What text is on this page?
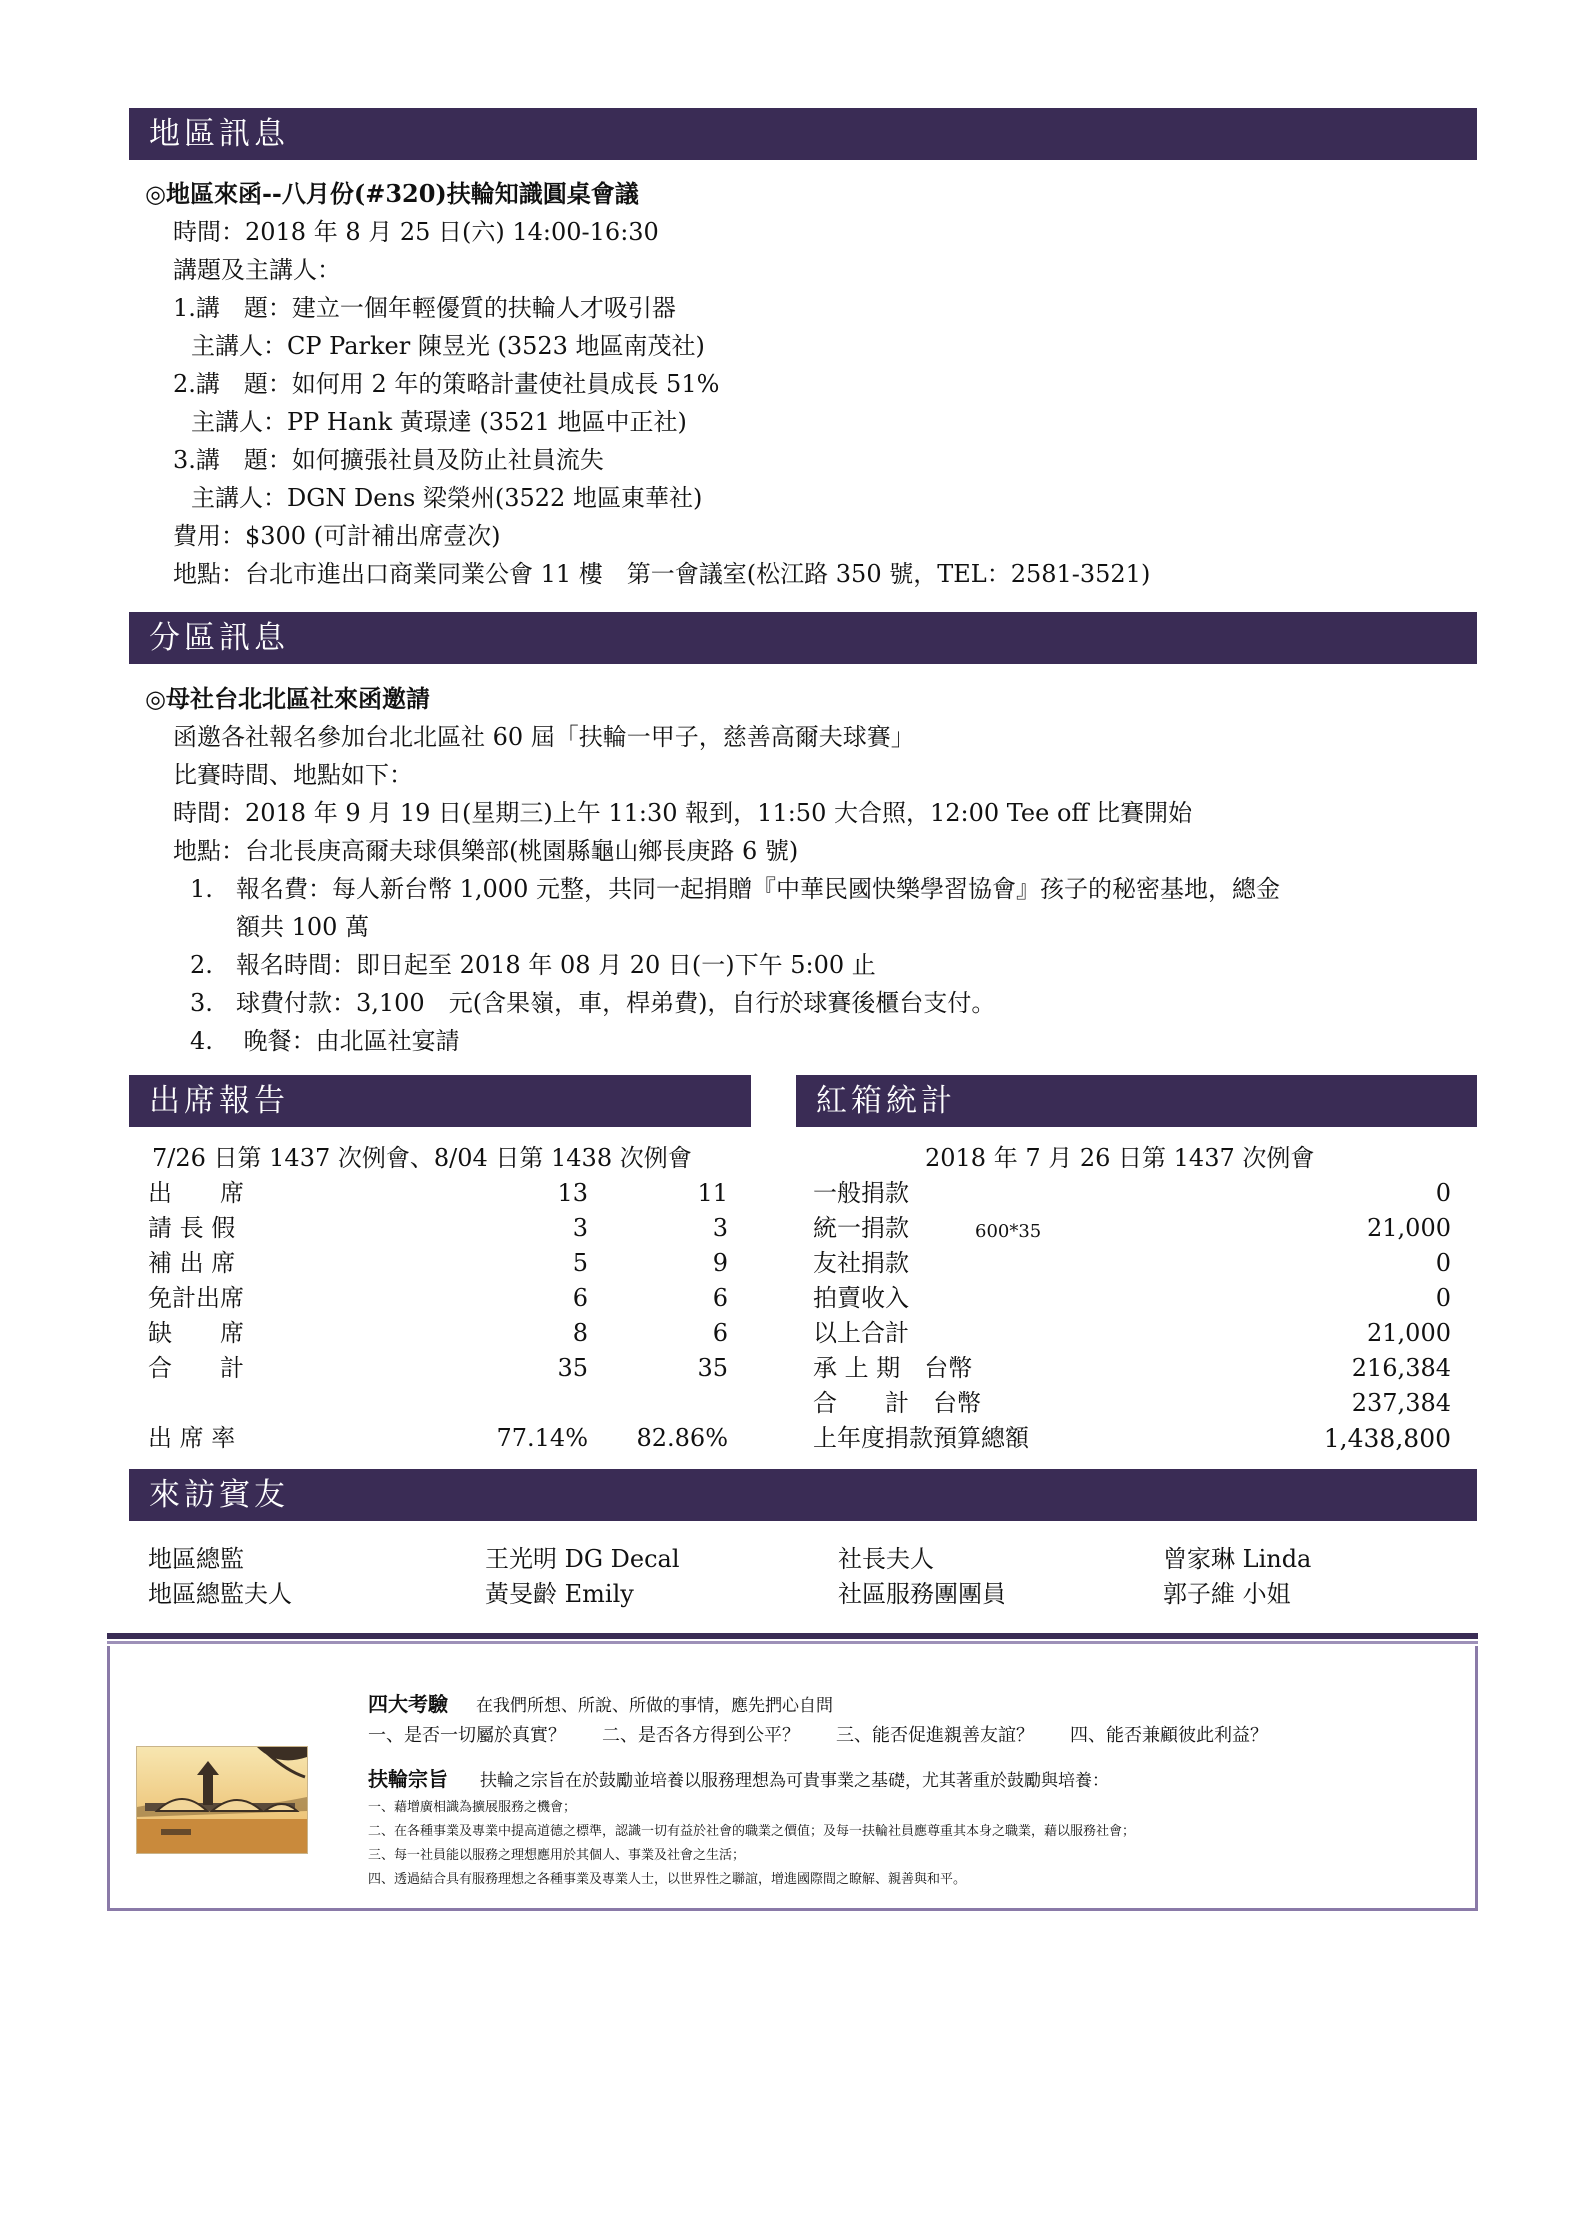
地區訊息
◎地區來函--八月份(#320)扶輪知識圓桌會議
時間：2018 年 8 月 25 日(六) 14:00-16:30
講題及主講人：
1.講　題：建立一個年輕優質的扶輪人才吸引器
主講人：CP Parker 陳昱光 (3523 地區南茂社)
2.講　題：如何用 2 年的策略計畫使社員成長 51%
主講人：PP Hank 黃璟達 (3521 地區中正社)
3.講　題：如何擴張社員及防止社員流失
主講人：DGN Dens 梁榮州(3522 地區東華社)
費用：$300 (可計補出席壹次)
地點：台北市進出口商業同業公會 11 樓　第一會議室(松江路 350 號，TEL：2581-3521)
分區訊息
◎母社台北北區社來函邀請
函邀各社報名參加台北北區社 60 屆「扶輪一甲子，慈善高爾夫球賽」
比賽時間、地點如下：
時間：2018 年 9 月 19 日(星期三)上午 11:30 報到，11:50 大合照，12:00 Tee off 比賽開始
地點：台北長庚高爾夫球俱樂部(桃園縣龜山鄉長庚路 6 號)
1. 報名費：每人新台幣 1,000 元整，共同一起捐贈『中華民國快樂學習協會』孩子的秘密基地，總金
額共 100 萬
2. 報名時間：即日起至 2018 年 08 月 20 日(一)下午 5:00 止
3. 球費付款：3,100　元(含果嶺，車，桿弟費)，自行於球賽後櫃台支付。
4. 晚餐：由北區社宴請
出席報告
7/26 日第 1437 次例會、8/04 日第 1438 次例會
出　　席	13	11
請 長 假	3	3
補 出 席	5	9
免計出席	6	6
缺　　席	8	6
合　　計	35	35
出 席 率	77.14%	82.86%
紅箱統計
2018 年 7 月 26 日第 1437 次例會
一般捐款	0
統一捐款	600*35	21,000
友社捐款	0
拍賣收入	0
以上合計	21,000
承 上 期　台幣	216,384
合　　計　台幣	237,384
上年度捐款預算總額	1,438,800
來訪賓友
地區總監	王光明 DG Decal
地區總監夫人	黃旻齡 Emily
社長夫人	曾家琳 Linda
社區服務團團員	郭子維 小姐
四大考驗 在我們所想、所說、所做的事情，應先捫心自問
一、是否一切屬於真實？　　二、是否各方得到公平？　　三、能否促進親善友誼？　　四、能否兼顧彼此利益？
扶輪宗旨 扶輪之宗旨在於鼓勵並培養以服務理想為可貴事業之基礎，尤其著重於鼓勵與培養：
一、藉增廣相識為擴展服務之機會；
二、在各種事業及專業中提高道德之標準，認識一切有益於社會的職業之價值；及每一扶輪社員應尊重其本身之職業，藉以服務社會；
三、每一社員能以服務之理想應用於其個人、事業及社會之生活；
四、透過結合具有服務理想之各種事業及專業人士，以世界性之聯誼，增進國際間之瞭解、親善與和平。
